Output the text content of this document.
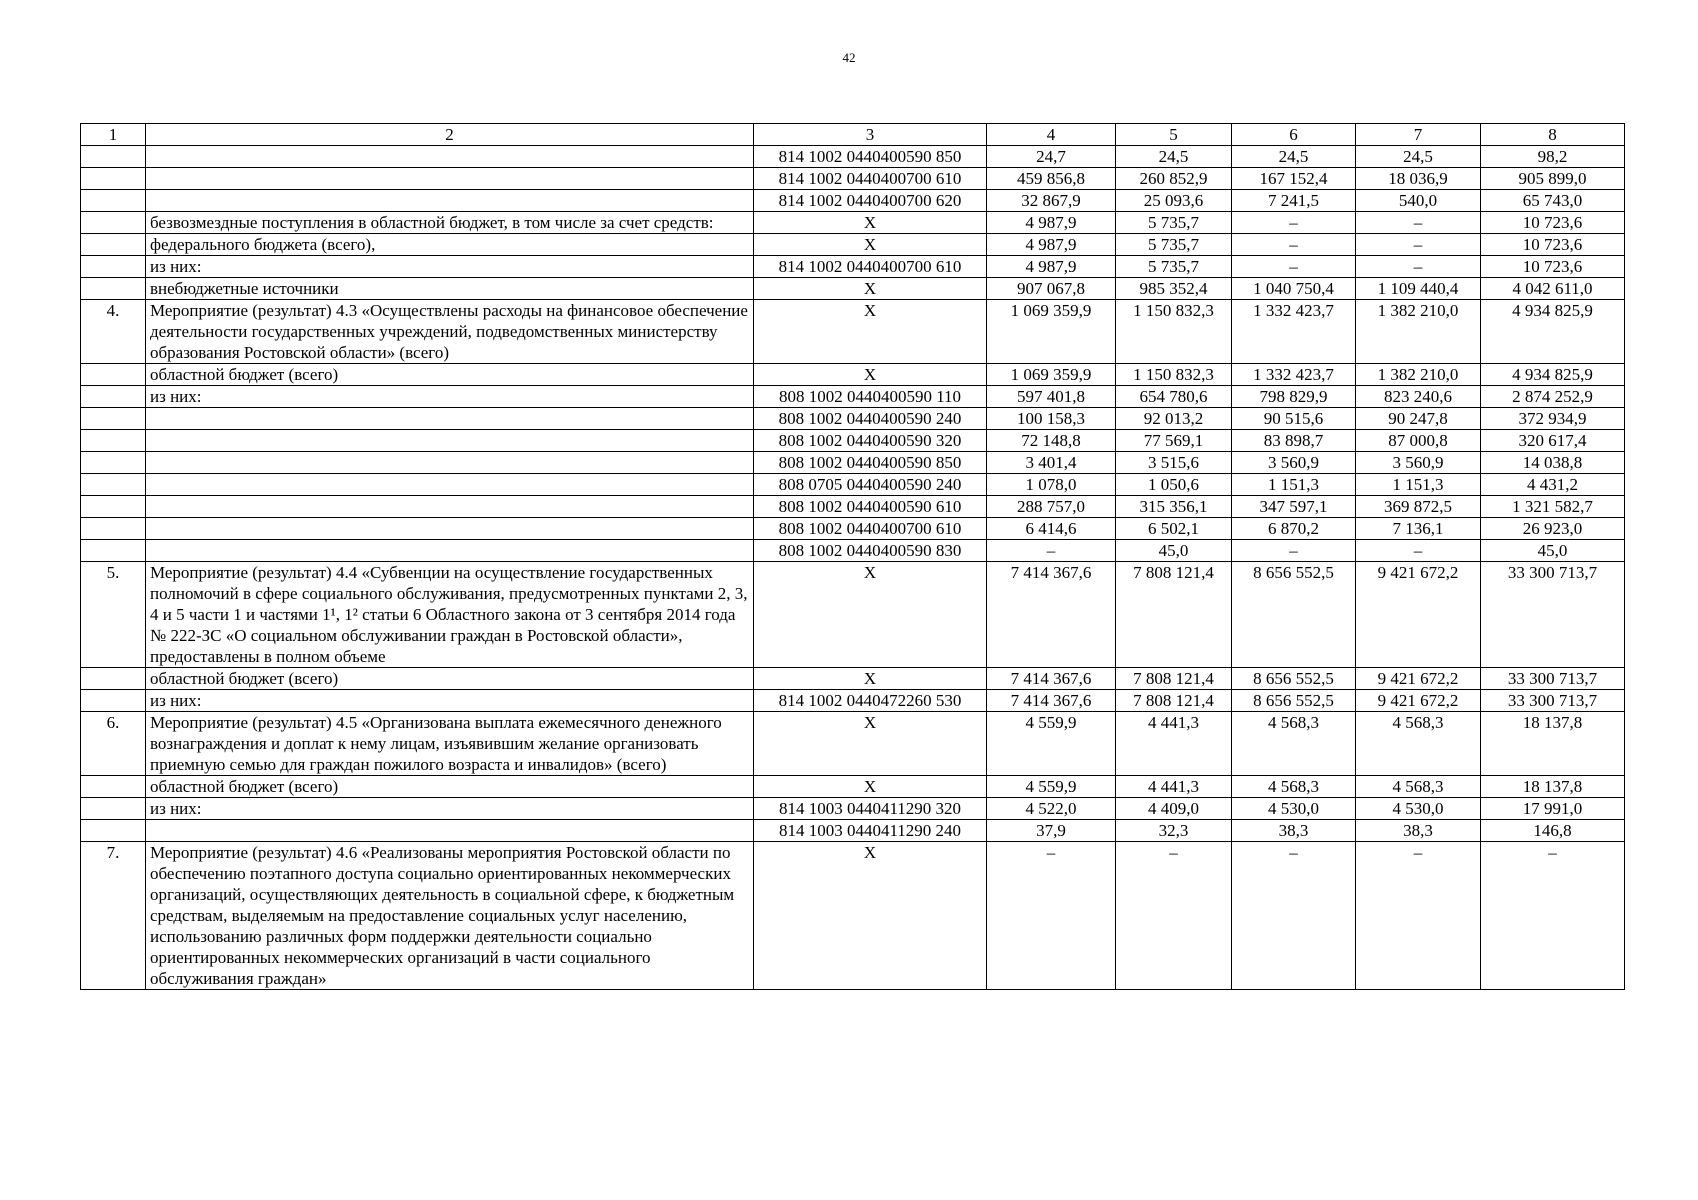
42
1	2	3	4	5	6	7	8
		814 1002 0440400590 850	24,7	24,5	24,5	24,5	98,2
		814 1002 0440400700 610	459 856,8	260 852,9	167 152,4	18 036,9	905 899,0
		814 1002 0440400700 620	32 867,9	25 093,6	7 241,5	540,0	65 743,0
	безвозмездные поступления в областной бюджет, в том числе за счет средств:	X	4 987,9	5 735,7	–	–	10 723,6
	федерального бюджета (всего),	X	4 987,9	5 735,7	–	–	10 723,6
	из них:	814 1002 0440400700 610	4 987,9	5 735,7	–	–	10 723,6
	внебюджетные источники	X	907 067,8	985 352,4	1 040 750,4	1 109 440,4	4 042 611,0
4.	Мероприятие (результат) 4.3 «Осуществлены расходы на финансовое обеспечение деятельности государственных учреждений, подведомственных министерству образования Ростовской области» (всего)	X	1 069 359,9	1 150 832,3	1 332 423,7	1 382 210,0	4 934 825,9
	областной бюджет (всего)	X	1 069 359,9	1 150 832,3	1 332 423,7	1 382 210,0	4 934 825,9
	из них:	808 1002 0440400590 110	597 401,8	654 780,6	798 829,9	823 240,6	2 874 252,9
		808 1002 0440400590 240	100 158,3	92 013,2	90 515,6	90 247,8	372 934,9
		808 1002 0440400590 320	72 148,8	77 569,1	83 898,7	87 000,8	320 617,4
		808 1002 0440400590 850	3 401,4	3 515,6	3 560,9	3 560,9	14 038,8
		808 0705 0440400590 240	1 078,0	1 050,6	1 151,3	1 151,3	4 431,2
		808 1002 0440400590 610	288 757,0	315 356,1	347 597,1	369 872,5	1 321 582,7
		808 1002 0440400700 610	6 414,6	6 502,1	6 870,2	7 136,1	26 923,0
		808 1002 0440400590 830	–	45,0	–	–	45,0
5.	Мероприятие (результат) 4.4 «Субвенции на осуществление государственных полномочий в сфере социального обслуживания, предусмотренных пунктами 2, 3, 4 и 5 части 1 и частями 1¹, 1² статьи 6 Областного закона от 3 сентября 2014 года № 222-ЗС «О социальном обслуживании граждан в Ростовской области», предоставлены в полном объеме	X	7 414 367,6	7 808 121,4	8 656 552,5	9 421 672,2	33 300 713,7
	областной бюджет (всего)	X	7 414 367,6	7 808 121,4	8 656 552,5	9 421 672,2	33 300 713,7
	из них:	814 1002 0440472260 530	7 414 367,6	7 808 121,4	8 656 552,5	9 421 672,2	33 300 713,7
6.	Мероприятие (результат) 4.5 «Организована выплата ежемесячного денежного вознаграждения и доплат к нему лицам, изъявившим желание организовать приемную семью для граждан пожилого возраста и инвалидов» (всего)	X	4 559,9	4 441,3	4 568,3	4 568,3	18 137,8
	областной бюджет (всего)	X	4 559,9	4 441,3	4 568,3	4 568,3	18 137,8
	из них:	814 1003 0440411290 320	4 522,0	4 409,0	4 530,0	4 530,0	17 991,0
		814 1003 0440411290 240	37,9	32,3	38,3	38,3	146,8
7.	Мероприятие (результат) 4.6 «Реализованы мероприятия Ростовской области по обеспечению поэтапного доступа социально ориентированных некоммерческих организаций, осуществляющих деятельность в социальной сфере, к бюджетным средствам, выделяемым на предоставление социальных услуг населению, использованию различных форм поддержки деятельности социально ориентированных некоммерческих организаций в части социального обслуживания граждан»	X	–	–	–	–	–
